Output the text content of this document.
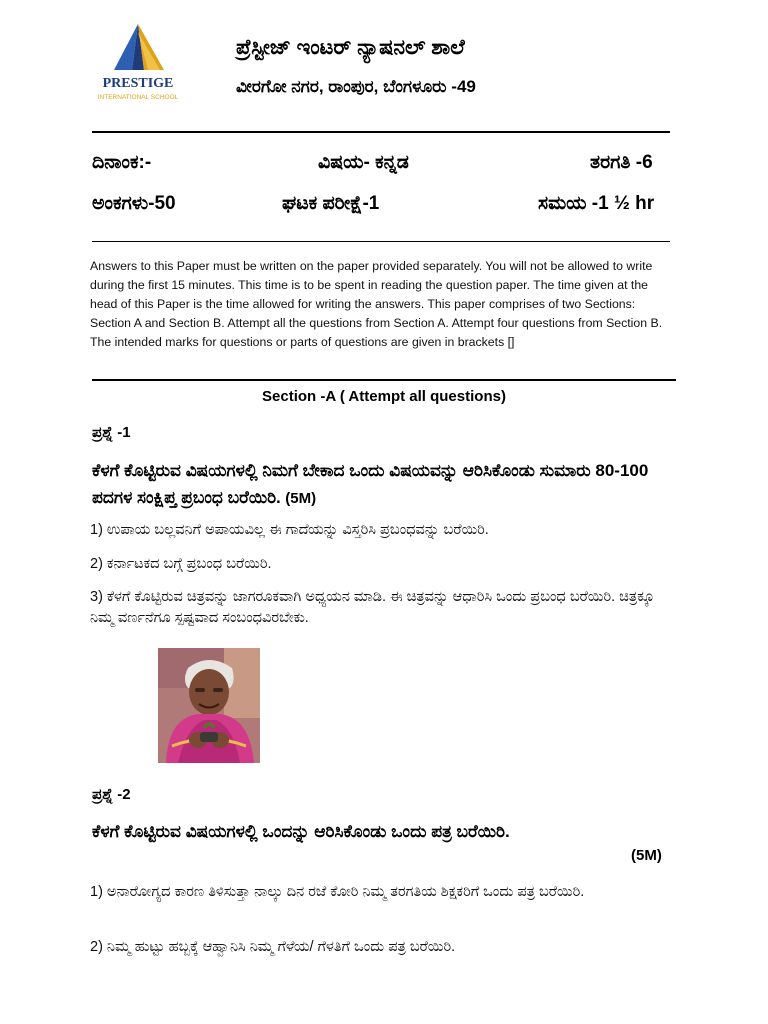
PRESTIGE
INTERNATIONAL SCHOOL
ಪ್ರೆಸ್ಟೀಜ್ ಇಂಟರ್ ನ್ಯಾಷನಲ್ ಶಾಲೆ
ವೀರಗೋ ನಗರ, ರಾಂಪುರ, ಬೆಂಗಳೂರು -49
ದಿನಾಂಕ:-	ವಿಷಯ- ಕನ್ನಡ	ತರಗತಿ -6
ಅಂಕಗಳು-50	ಘಟಕ ಪರೀಕ್ಷೆ-1	ಸಮಯ -1 ½ hr
Answers to this Paper must be written on the paper provided separately. You will not be allowed to write during the first 15 minutes. This time is to be spent in reading the question paper. The time given at the head of this Paper is the time allowed for writing the answers. This paper comprises of two Sections: Section A and Section B. Attempt all the questions from Section A. Attempt four questions from Section B. The intended marks for questions or parts of questions are given in brackets []
Section -A ( Attempt all questions)
ಪ್ರಶ್ನೆ -1
ಕೆಳಗೆ ಕೊಟ್ಟಿರುವ ವಿಷಯಗಳಲ್ಲಿ ನಿಮಗೆ ಬೇಕಾದ ಒಂದು ವಿಷಯವನ್ನು ಆರಿಸಿಕೊಂಡು ಸುಮಾರು 80-100 ಪದಗಳ ಸಂಕ್ಷಿಪ್ತ ಪ್ರಬಂಧ ಬರೆಯಿರಿ. (5M)
1) ಉಪಾಯ ಬಲ್ಲವನಿಗೆ ಅಪಾಯವಿಲ್ಲ ಈ ಗಾದೆಯನ್ನು ವಿಸ್ತರಿಸಿ ಪ್ರಬಂಧವನ್ನು ಬರೆಯಿರಿ.
2) ಕರ್ನಾಟಕದ ಬಗ್ಗೆ ಪ್ರಬಂಧ ಬರೆಯಿರಿ.
3) ಕೆಳಗೆ ಕೊಟ್ಟಿರುವ ಚಿತ್ರವನ್ನು ಜಾಗರೂಕವಾಗಿ ಅಧ್ಯಯನ ಮಾಡಿ. ಈ ಚಿತ್ರವನ್ನು ಆಧಾರಿಸಿ ಒಂದು ಪ್ರಬಂಧ ಬರೆಯಿರಿ. ಚಿತ್ರಕ್ಕೂ ನಿಮ್ಮ ವರ್ಣನೆಗೂ ಸ್ಪಷ್ಟವಾದ ಸಂಬಂಧವಿರಬೇಕು.
ಪ್ರಶ್ನೆ -2
ಕೆಳಗೆ ಕೊಟ್ಟಿರುವ ವಿಷಯಗಳಲ್ಲಿ ಒಂದನ್ನು ಆರಿಸಿಕೊಂಡು ಒಂದು ಪತ್ರ ಬರೆಯಿರಿ.
(5M)
1) ಅನಾರೋಗ್ಯದ ಕಾರಣ ತಿಳಿಸುತ್ತಾ ನಾಲ್ಕು ದಿನ ರಜೆ ಕೋರಿ ನಿಮ್ಮ ತರಗತಿಯ ಶಿಕ್ಷಕರಿಗೆ ಒಂದು ಪತ್ರ ಬರೆಯಿರಿ.
2) ನಿಮ್ಮ ಹುಟ್ಟು ಹಬ್ಬಕ್ಕೆ ಆಹ್ವಾನಿಸಿ ನಿಮ್ಮ ಗೆಳೆಯ/ ಗೆಳತಿಗೆ ಒಂದು ಪತ್ರ ಬರೆಯಿರಿ.
